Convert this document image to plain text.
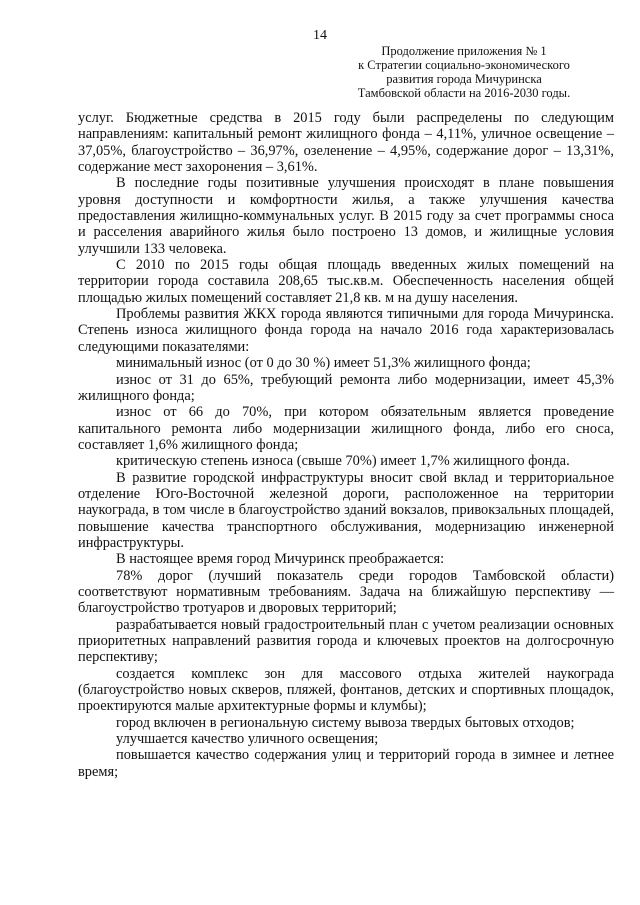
14
Продолжение приложения № 1
к Стратегии социально-экономического
развития города Мичуринска
Тамбовской области на 2016-2030 годы.

услуг. Бюджетные средства в 2015 году были распределены по следующим направлениям: капитальный ремонт жилищного фонда – 4,11%, уличное освещение – 37,05%, благоустройство – 36,97%, озеленение – 4,95%, содержание дорог – 13,31%, содержание мест захоронения – 3,61%.

В последние годы позитивные улучшения происходят в плане повышения уровня доступности и комфортности жилья, а также улучшения качества предоставления жилищно-коммунальных услуг. В 2015 году за счет программы сноса и расселения аварийного жилья было построено 13 домов, и жилищные условия улучшили 133 человека.

С 2010 по 2015 годы общая площадь введенных жилых помещений на территории города составила 208,65 тыс.кв.м. Обеспеченность населения общей площадью жилых помещений составляет 21,8 кв. м на душу населения.

Проблемы развития ЖКХ города являются типичными для города Мичуринска. Степень износа жилищного фонда города на начало 2016 года характеризовалась следующими показателями:

минимальный износ (от 0 до 30 %) имеет 51,3% жилищного фонда;

износ от 31 до 65%, требующий ремонта либо модернизации, имеет 45,3% жилищного фонда;

износ от 66 до 70%, при котором обязательным является проведение капитального ремонта либо модернизации жилищного фонда, либо его сноса, составляет 1,6% жилищного фонда;

критическую степень износа (свыше 70%) имеет 1,7% жилищного фонда.

В развитие городской инфраструктуры вносит свой вклад и территориальное отделение Юго-Восточной железной дороги, расположенное на территории наукограда, в том числе в благоустройство зданий вокзалов, привокзальных площадей, повышение качества транспортного обслуживания, модернизацию инженерной инфраструктуры.

В настоящее время город Мичуринск преображается:

78% дорог (лучший показатель среди городов Тамбовской области) соответствуют нормативным требованиям. Задача на ближайшую перспективу — благоустройство тротуаров и дворовых территорий;

разрабатывается новый градостроительный план с учетом реализации основных приоритетных направлений развития города и ключевых проектов на долгосрочную перспективу;

создается комплекс зон для массового отдыха жителей наукограда (благоустройство новых скверов, пляжей, фонтанов, детских и спортивных площадок, проектируются малые архитектурные формы и клумбы);

город включен в региональную систему вывоза твердых бытовых отходов;

улучшается качество уличного освещения;

повышается качество содержания улиц и территорий города в зимнее и летнее время;
